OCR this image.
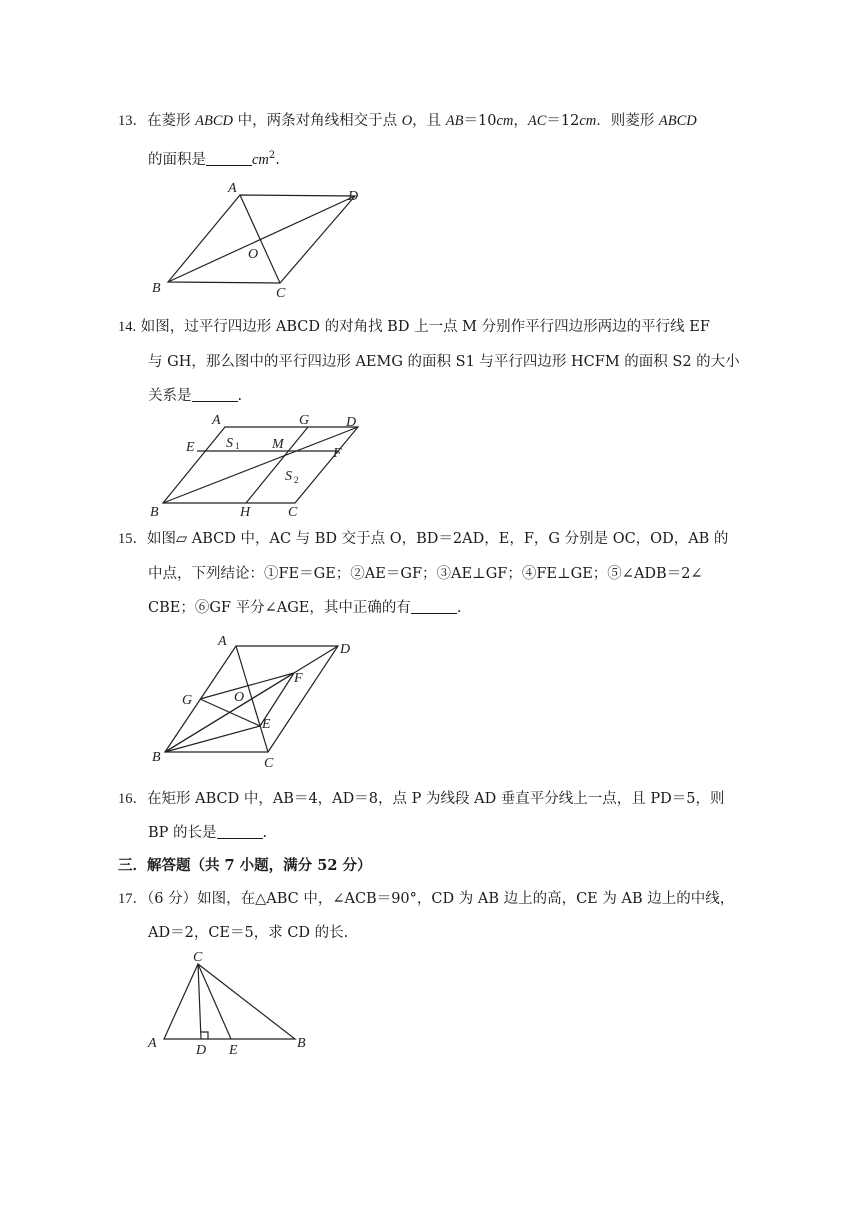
13．在菱形 ABCD 中，两条对角线相交于点 O，且 AB＝10cm，AC＝12cm．则菱形 ABCD
的面积是	$cm^2$.
A
D
O
B	C
14. 如图，过平行四边形 ABCD 的对角找 BD 上一点 M 分别作平行四边形两边的平行线 EF
与 GH，那么图中的平行四边形 AEMG 的面积 S1 与平行四边形 HCFM 的面积 S2 的大小
关系是	.
A	G	D
E S 1 M
F
S 2
B	H	C
15．如图▱ ABCD 中，AC 与 BD 交于点 O，BD＝2AD，E，F，G 分别是 OC，OD，AB 的
中点，下列结论：①FE＝GE；②AE＝GF；③AE⊥GF；④FE⊥GE；⑤∠ADB＝2∠
CBE；⑥GF 平分∠AGE，其中正确的有	.
A
D
F
G	O
E
B	C
16．在矩形 ABCD 中，AB＝4，AD＝8，点 P 为线段 AD 垂直平分线上一点，且 PD＝5，则
BP 的长是	.
三．解答题（共 7 小题，满分 52 分）
17．（6 分）如图，在△ABC 中，∠ACB＝90°，CD 为 AB 边上的高，CE 为 AB 边上的中线，
AD＝2，CE＝5，求 CD 的长.
C
A	D E	B
